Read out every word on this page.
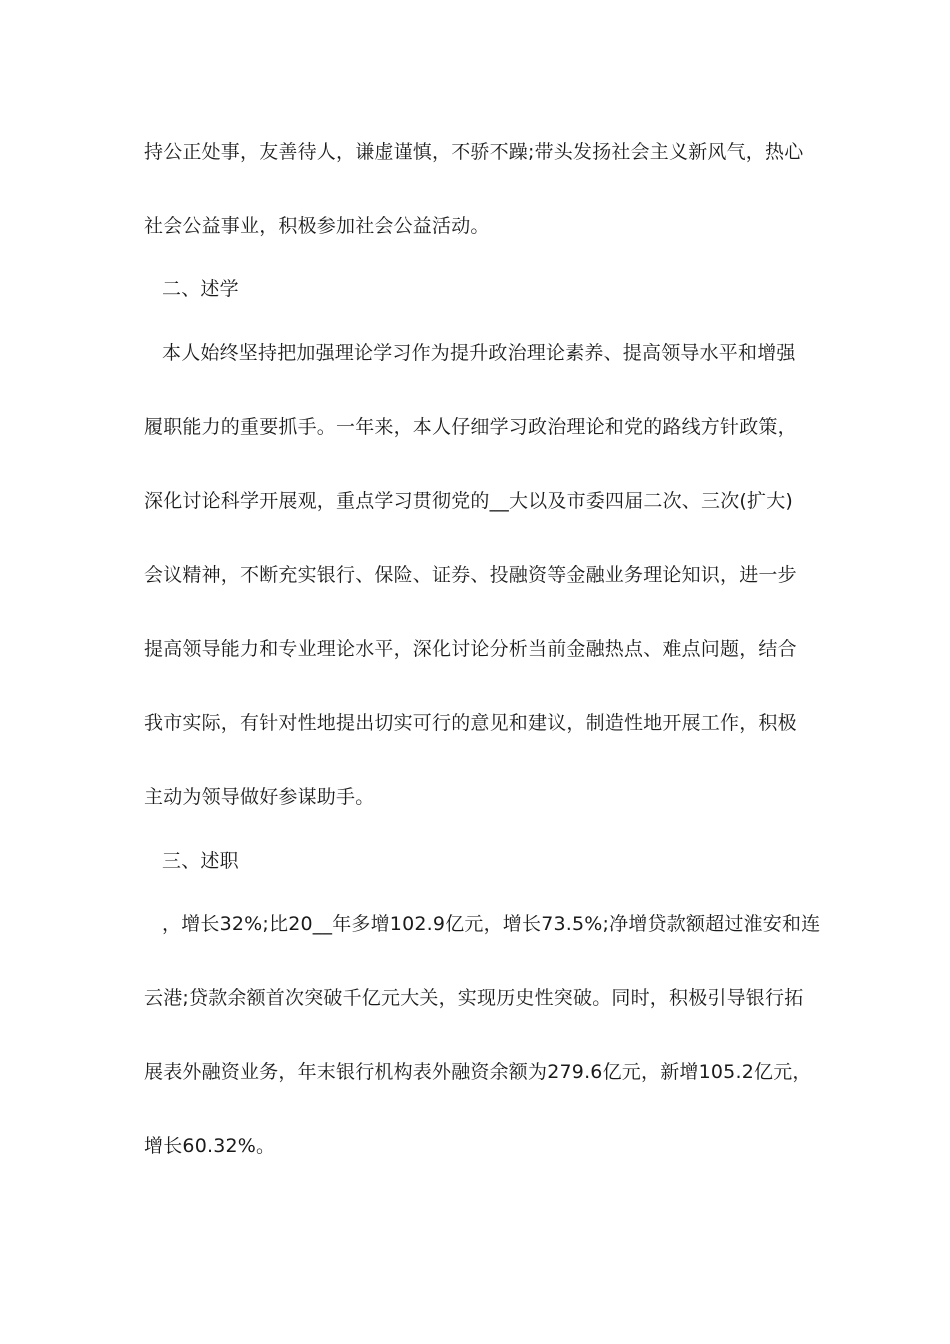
持公正处事，友善待人，谦虚谨慎，不骄不躁;带头发扬社会主义新风气，热心
社会公益事业，积极参加社会公益活动。
二、述学
本人始终坚持把加强理论学习作为提升政治理论素养、提高领导水平和增强
履职能力的重要抓手。一年来，本人仔细学习政治理论和党的路线方针政策，
深化讨论科学开展观，重点学习贯彻党的__大以及市委四届二次、三次(扩大)
会议精神，不断充实银行、保险、证券、投融资等金融业务理论知识，进一步
提高领导能力和专业理论水平，深化讨论分析当前金融热点、难点问题，结合
我市实际，有针对性地提出切实可行的意见和建议，制造性地开展工作，积极
主动为领导做好参谋助手。
三、述职
，增长32%;比20__年多增102.9亿元，增长73.5%;净增贷款额超过淮安和连
云港;贷款余额首次突破千亿元大关，实现历史性突破。同时，积极引导银行拓
展表外融资业务，年末银行机构表外融资余额为279.6亿元，新增105.2亿元，
增长60.32%。
